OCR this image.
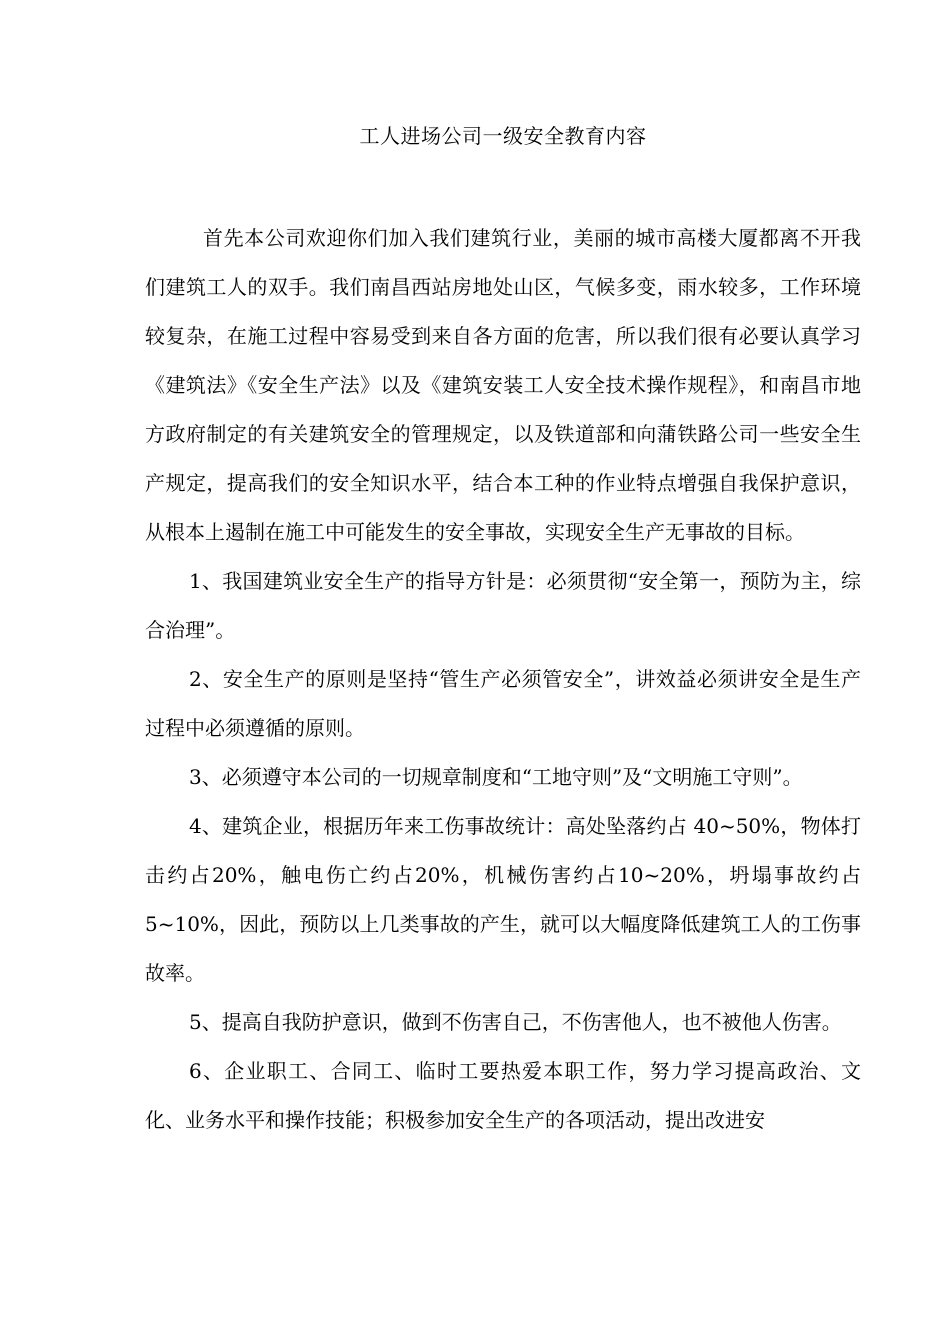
工人进场公司一级安全教育内容

首先本公司欢迎你们加入我们建筑行业，美丽的城市高楼大厦都离不开我们建筑工人的双手。我们南昌西站房地处山区，气候多变，雨水较多，工作环境较复杂，在施工过程中容易受到来自各方面的危害，所以我们很有必要认真学习《建筑法》《安全生产法》以及《建筑安装工人安全技术操作规程》，和南昌市地方政府制定的有关建筑安全的管理规定，以及铁道部和向蒲铁路公司一些安全生产规定，提高我们的安全知识水平，结合本工种的作业特点增强自我保护意识，从根本上遏制在施工中可能发生的安全事故，实现安全生产无事故的目标。

1、我国建筑业安全生产的指导方针是：必须贯彻“安全第一，预防为主，综合治理”。

2、安全生产的原则是坚持“管生产必须管安全”，讲效益必须讲安全是生产过程中必须遵循的原则。

3、必须遵守本公司的一切规章制度和“工地守则”及“文明施工守则”。

4、建筑企业，根据历年来工伤事故统计：高处坠落约占 40~50%，物体打击约占20%，触电伤亡约占20%，机械伤害约占10~20%，坍塌事故约占5~10%，因此，预防以上几类事故的产生，就可以大幅度降低建筑工人的工伤事故率。

5、提高自我防护意识，做到不伤害自己，不伤害他人，也不被他人伤害。

6、企业职工、合同工、临时工要热爱本职工作，努力学习提高政治、文化、业务水平和操作技能；积极参加安全生产的各项活动，提出改进安
